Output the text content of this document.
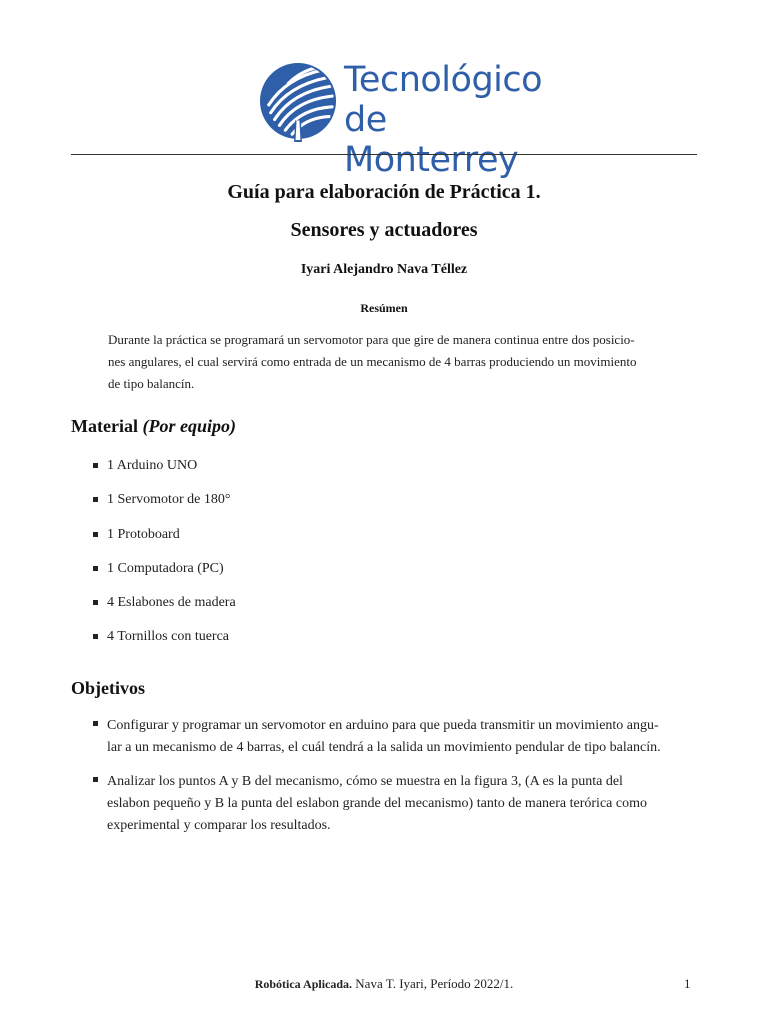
Tecnológico
de Monterrey
Guía para elaboración de Práctica 1.
Sensores y actuadores
Iyari Alejandro Nava Téllez
Resúmen

Durante la práctica se programará un servomotor para que gire de manera continua entre dos posicio-

nes angulares, el cual servirá como entrada de un mecanismo de 4 barras produciendo un movimiento

de tipo balancín.

Material (Por equipo)
1 Arduino UNO
1 Servomotor de 180°
1 Protoboard
1 Computadora (PC)
4 Eslabones de madera
4 Tornillos con tuerca
Objetivos

Configurar y programar un servomotor en arduino para que pueda transmitir un movimiento angu-

lar a un mecanismo de 4 barras, el cuál tendrá a la salida un movimiento pendular de tipo balancín.

Analizar los puntos A y B del mecanismo, cómo se muestra en la figura 3, (A es la punta del

eslabon pequeño y B la punta del eslabon grande del mecanismo) tanto de manera terórica como

experimental y comparar los resultados.

Robótica Aplicada. Nava T. Iyari, Período 2022/1.	1
